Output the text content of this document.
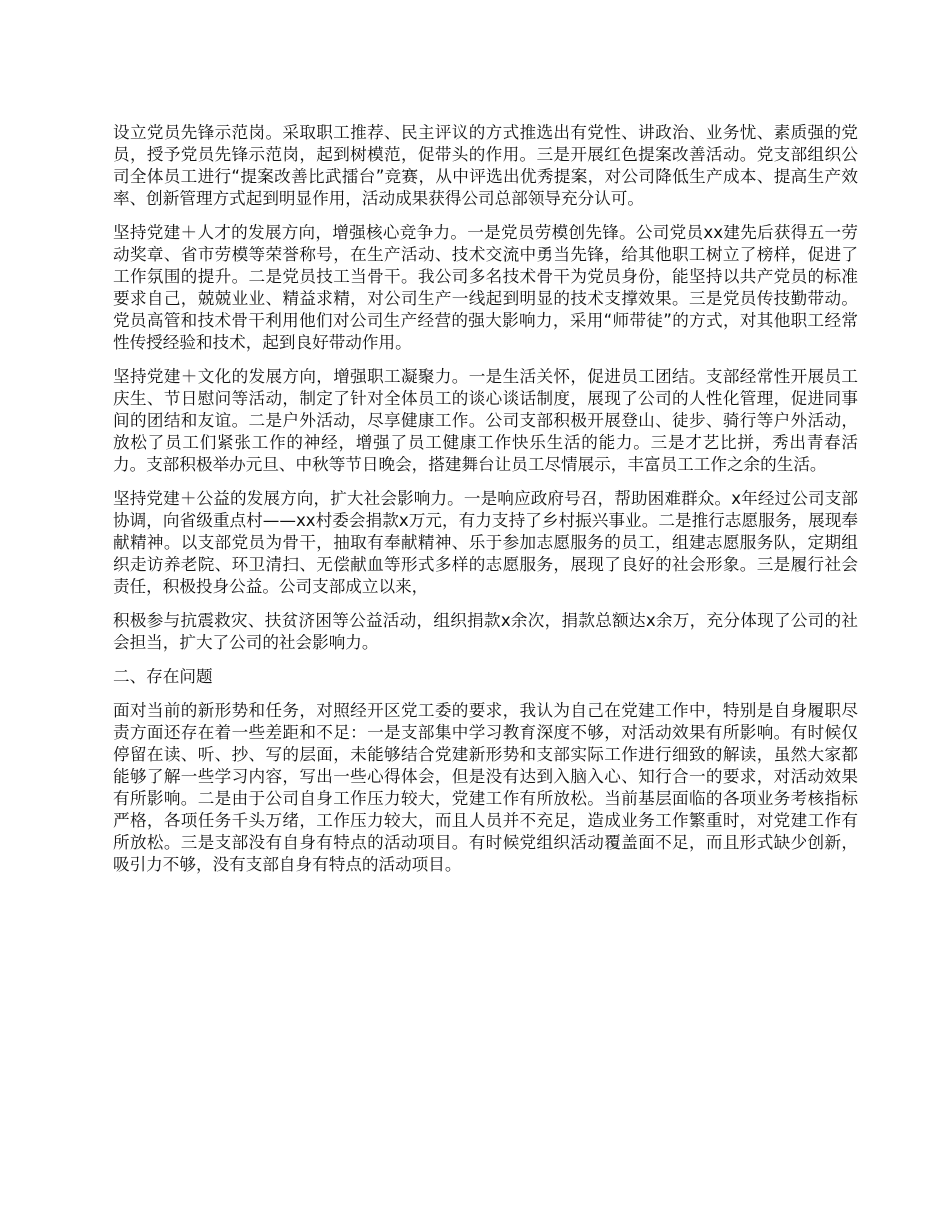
设立党员先锋示范岗。采取职工推荐、民主评议的方式推选出有党性、讲政治、业务忧、素质强的党员，授予党员先锋示范岗，起到树模范，促带头的作用。三是开展红色提案改善活动。党支部组织公司全体员工进行“提案改善比武擂台”竞赛，从中评选出优秀提案，对公司降低生产成本、提高生产效率、创新管理方式起到明显作用，活动成果获得公司总部领导充分认可。

坚持党建＋人才的发展方向，增强核心竞争力。一是党员劳模创先锋。公司党员xx建先后获得五一劳动奖章、省市劳模等荣誉称号，在生产活动、技术交流中勇当先锋，给其他职工树立了榜样，促进了工作氛围的提升。二是党员技工当骨干。我公司多名技术骨干为党员身份，能坚持以共产党员的标准要求自己，兢兢业业、精益求精，对公司生产一线起到明显的技术支撑效果。三是党员传技勤带动。党员高管和技术骨干利用他们对公司生产经营的强大影响力，采用“师带徒”的方式，对其他职工经常性传授经验和技术，起到良好带动作用。

坚持党建＋文化的发展方向，增强职工凝聚力。一是生活关怀，促进员工团结。支部经常性开展员工庆生、节日慰问等活动，制定了针对全体员工的谈心谈话制度，展现了公司的人性化管理，促进同事间的团结和友谊。二是户外活动，尽享健康工作。公司支部积极开展登山、徒步、骑行等户外活动，放松了员工们紧张工作的神经，增强了员工健康工作快乐生活的能力。三是才艺比拼，秀出青春活力。支部积极举办元旦、中秋等节日晚会，搭建舞台让员工尽情展示，丰富员工工作之余的生活。

坚持党建＋公益的发展方向，扩大社会影响力。一是响应政府号召，帮助困难群众。x年经过公司支部协调，向省级重点村——xx村委会捐款x万元，有力支持了乡村振兴事业。二是推行志愿服务，展现奉献精神。以支部党员为骨干，抽取有奉献精神、乐于参加志愿服务的员工，组建志愿服务队，定期组织走访养老院、环卫清扫、无偿献血等形式多样的志愿服务，展现了良好的社会形象。三是履行社会责任，积极投身公益。公司支部成立以来，

积极参与抗震救灾、扶贫济困等公益活动，组织捐款x余次，捐款总额达x余万，充分体现了公司的社会担当，扩大了公司的社会影响力。

二、存在问题

面对当前的新形势和任务，对照经开区党工委的要求，我认为自己在党建工作中，特别是自身履职尽责方面还存在着一些差距和不足：一是支部集中学习教育深度不够，对活动效果有所影响。有时候仅停留在读、听、抄、写的层面，未能够结合党建新形势和支部实际工作进行细致的解读，虽然大家都能够了解一些学习内容，写出一些心得体会，但是没有达到入脑入心、知行合一的要求，对活动效果有所影响。二是由于公司自身工作压力较大，党建工作有所放松。当前基层面临的各项业务考核指标严格，各项任务千头万绪，工作压力较大，而且人员并不充足，造成业务工作繁重时，对党建工作有所放松。三是支部没有自身有特点的活动项目。有时候党组织活动覆盖面不足，而且形式缺少创新，吸引力不够，没有支部自身有特点的活动项目。
